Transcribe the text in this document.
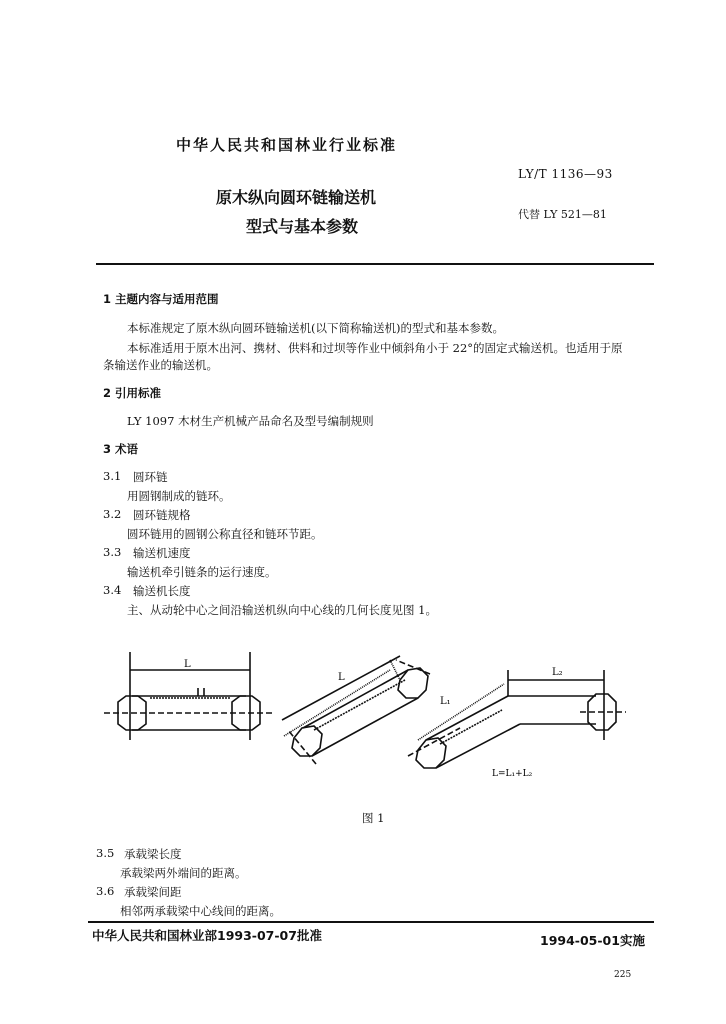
中华人民共和国林业行业标准
LY/T 1136—93
原木纵向圆环链输送机
代替 LY 521—81
型式与基本参数
1 主题内容与适用范围
本标准规定了原木纵向圆环链输送机(以下简称输送机)的型式和基本参数。
本标准适用于原木出河、携材、供料和过坝等作业中倾斜角小于 22°的固定式输送机。也适用于原
条输送作业的输送机。
2 引用标准
LY 1097 木材生产机械产品命名及型号编制规则
3 术语
3.1 圆环链
用圆钢制成的链环。
3.2 圆环链规格
圆环链用的圆钢公称直径和链环节距。
3.3 输送机速度
输送机牵引链条的运行速度。
3.4 输送机长度
主、从动轮中心之间沿输送机纵向中心线的几何长度见图 1。
L
L
L₁
L₂
L=L₁+L₂
图 1
3.5 承载梁长度
承载梁两外端间的距离。
3.6 承载梁间距
相邻两承载梁中心线间的距离。
中华人民共和国林业部1993-07-07批准	1994-05-01实施
225
